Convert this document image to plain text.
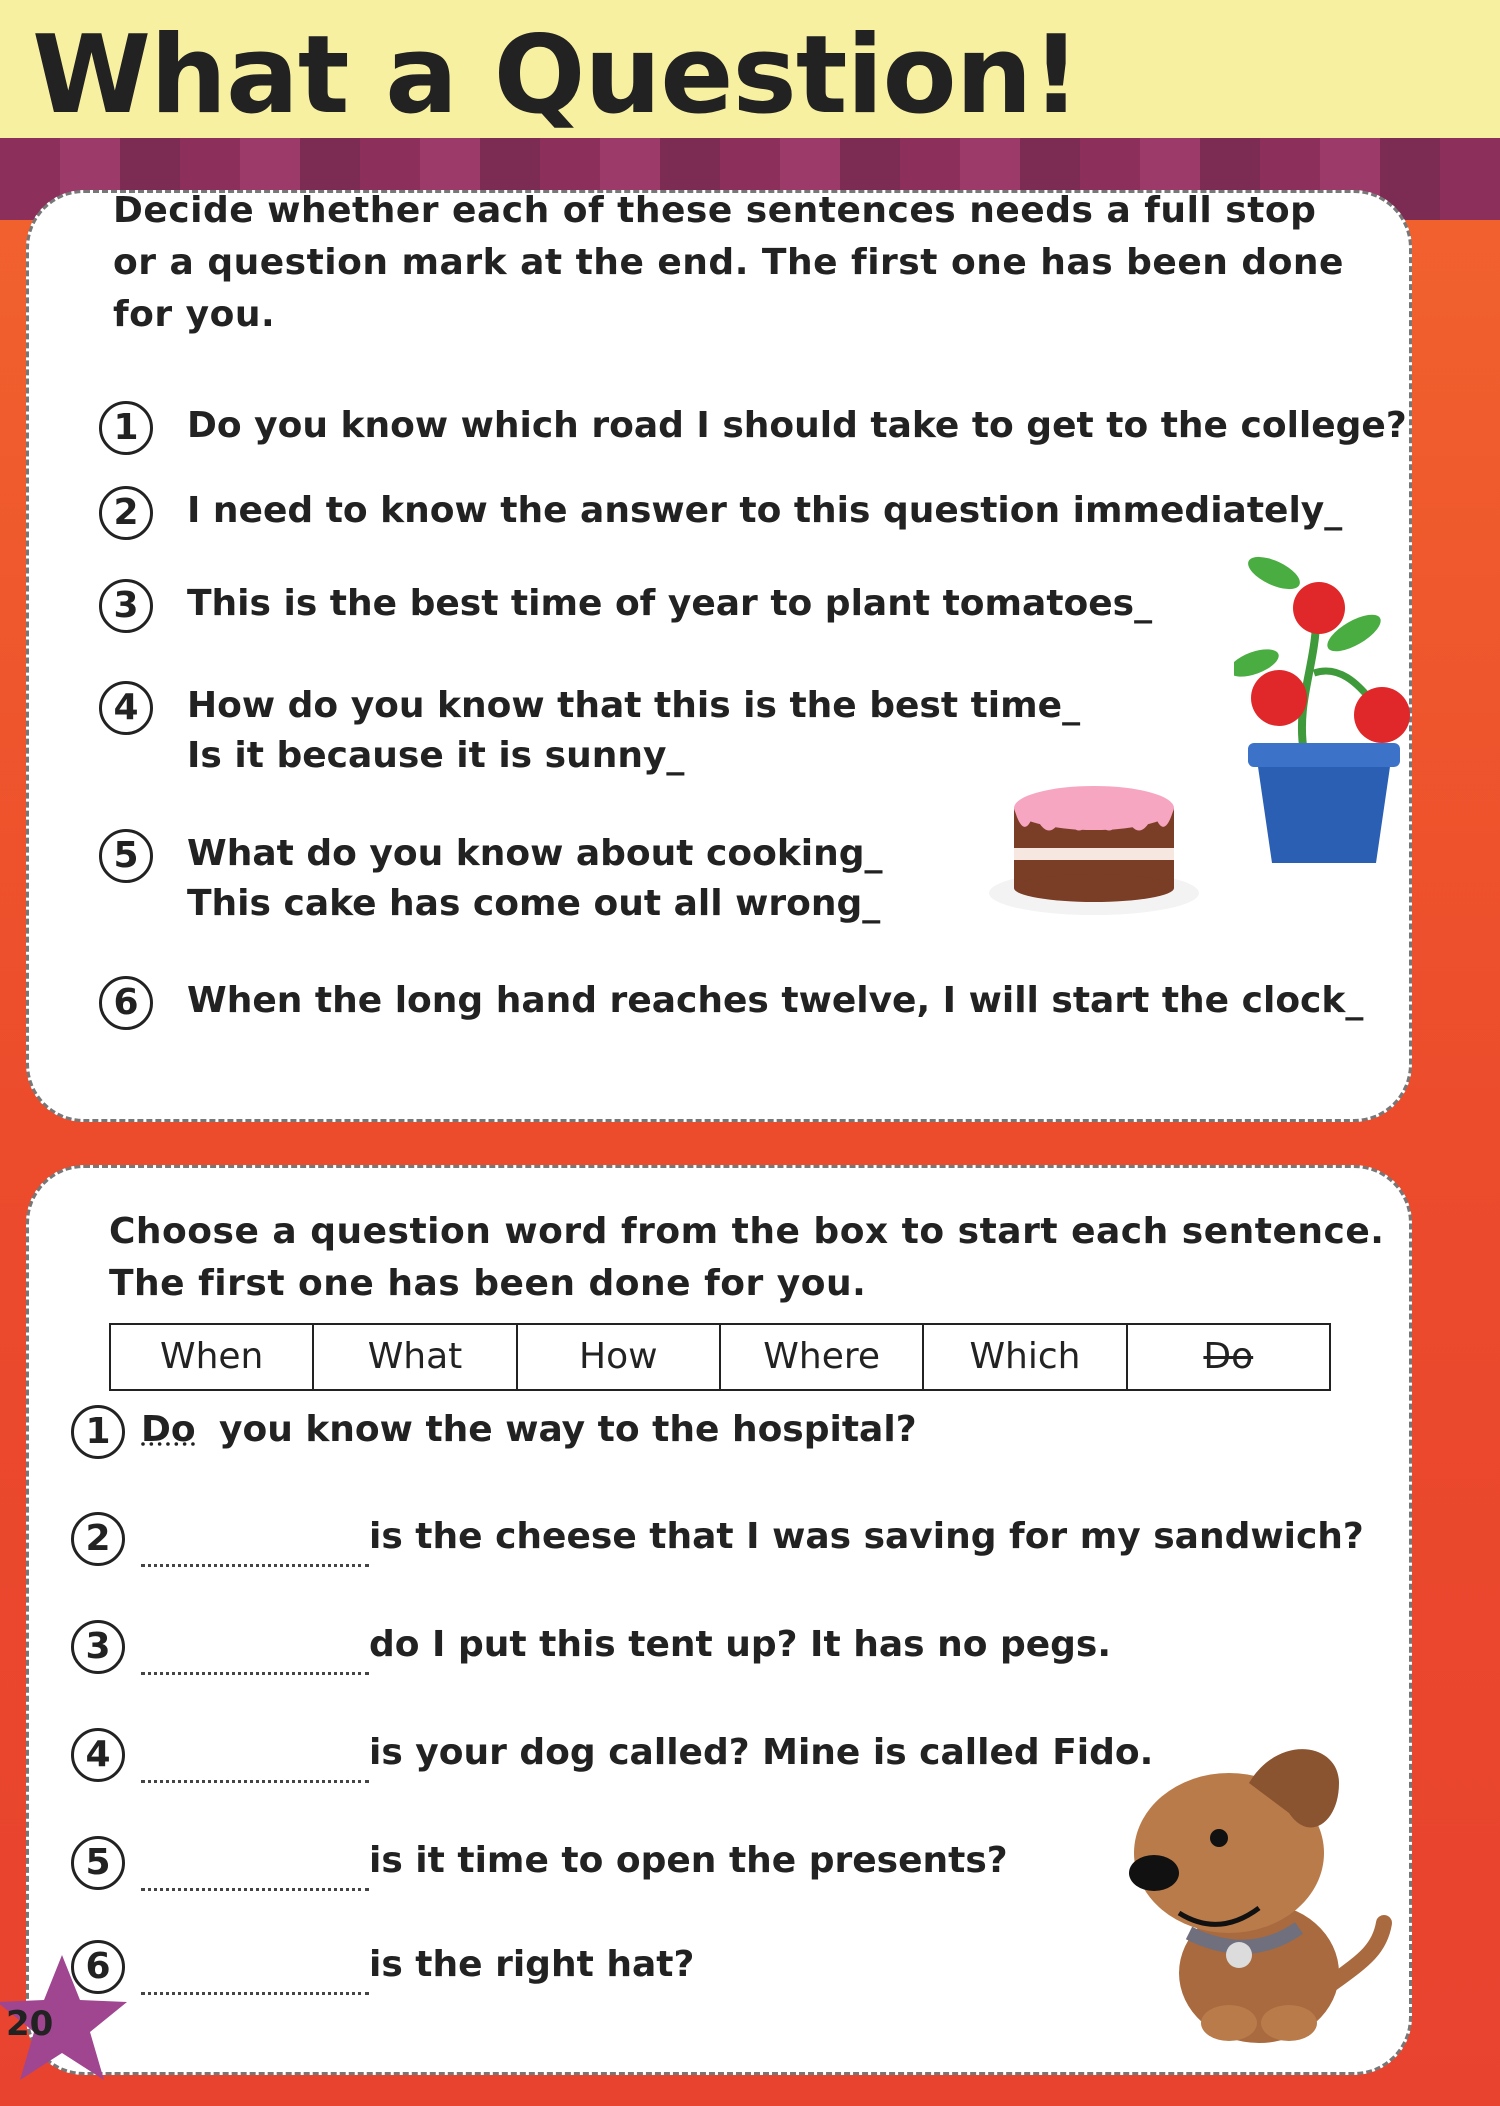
What a Question!

Decide whether each of these sentences needs a full stop

or a question mark at the end. The first one has been done

for you.

1	Do you know which road I should take to get to the college?

2	I need to know the answer to this question immediately_

3	This is the best time of year to plant tomatoes_

4	How do you know that this is the best time_

Is it because it is sunny_

5	What do you know about cooking_

This cake has come out all wrong_

6	When the long hand reaches twelve, I will start the clock_

Choose a question word from the box to start each sentence.

The first one has been done for you.

When	What	How	Where	Which	Do
1 Do you know the way to the hospital?

2	is the cheese that I was saving for my sandwich?

3	do I put this tent up? It has no pegs.

4	is your dog called? Mine is called Fido.

5	is it time to open the presents?

6	is the right hat?

20
